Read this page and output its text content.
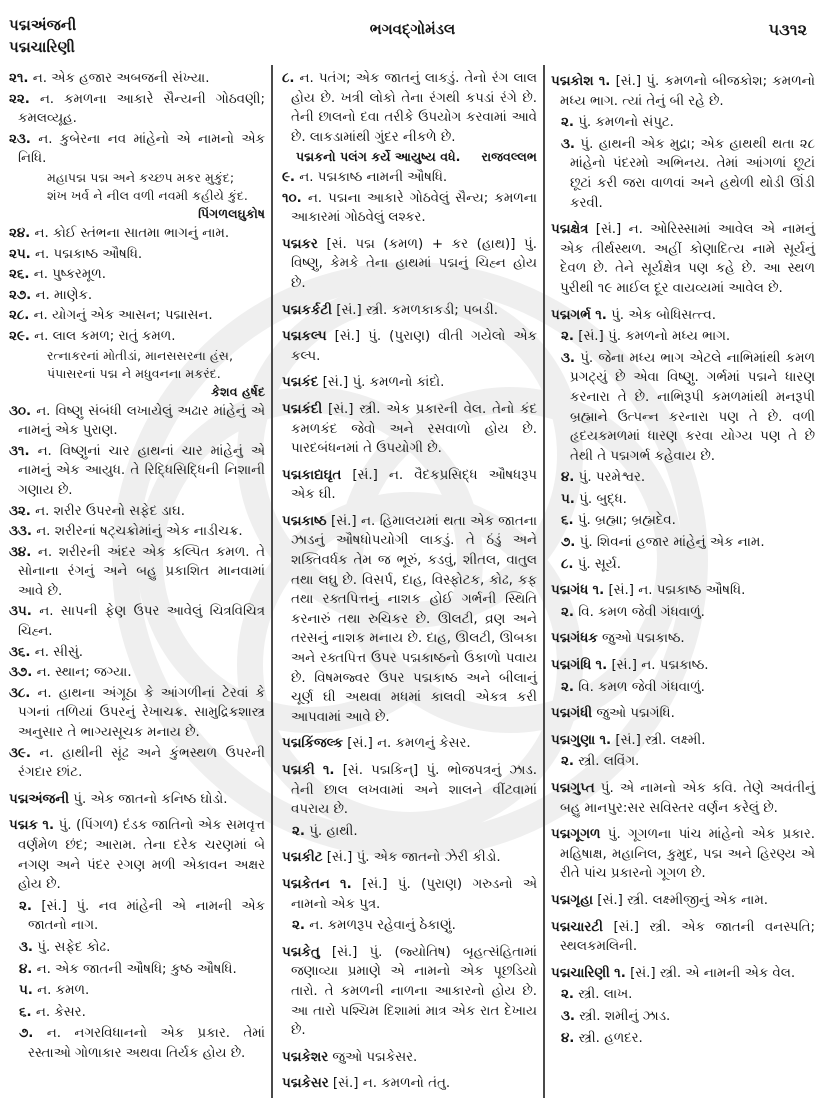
પદ્મઅંજની
પદ્મચારિણી
ભગવદ્ગોમંડલ	૫૩૧૨

૨૧. ન. એક હજાર અબજની સંખ્યા.

૨૨. ન. કમળના આકારે સૈન્યની ગોઠવણી; કમલવ્યૂહ.

૨૩. ન. કુબેરના નવ માંહેનો એ નામનો એક નિધિ.

મહાપદ્મ પદ્મ અને કચ્છપ મકર મુકુંદ;

શંખ ખર્વ ને નીલ વળી નવમી કહીયે કુંદ.

પિંગળલઘુકોષ

૨૪. ન. કોઈ સ્તંભના સાતમા ભાગનું નામ.

૨૫. ન. પદ્મકાષ્ઠ ઔષધિ.

૨૬. ન. પુષ્કરમૂળ.

૨૭. ન. માણેક.

૨૮. ન. યોગનું એક આસન; પદ્માસન.

૨૯. ન. લાલ કમળ; રાતું કમળ.

રત્નાકરનાં મોતીડાં, માનસસરના હંસ,

પંપાસરનાં પદ્મ ને મધુવનના મકરંદ.

કેશવ હર્ષદ

૩૦. ન. વિષ્ણુ સંબંધી લખાયેલું અઢાર માંહેનું એ નામનું એક પુરાણ.

૩૧. ન. વિષ્ણુનાં ચાર હાથનાં ચાર માંહેનું એ નામનું એક આયુધ. તે રિદ્ધિસિદ્ધિની નિશાની ગણાય છે.

૩૨. ન. શરીર ઉપરનો સફેદ ડાઘ.

૩૩. ન. શરીરનાં ષટ્ચક્રોમાંનું એક નાડીચક્ર.

૩૪. ન. શરીરની અંદર એક કલ્પિત કમળ. તે સોનાના રંગનું અને બહુ પ્રકાશિત માનવામાં આવે છે.

૩૫. ન. સાપની ફેણ ઉપર આવેલું ચિત્રવિચિત્ર ચિહ્ન.

૩૬. ન. સીસું.

૩૭. ન. સ્થાન; જગ્યા.

૩૮. ન. હાથના અંગૂઠા કે આંગળીનાં ટેરવાં કે પગનાં તળિયાં ઉપરનું રેખાચક્ર. સામુદ્રિકશાસ્ત્ર અનુસાર તે ભાગ્યસૂચક મનાય છે.

૩૯. ન. હાથીની સૂંઢ અને કુંભસ્થળ ઉપરની રંગદાર છાંટ.

પદ્મઅંજની પું. એક જાતનો કનિષ્ઠ ઘોડો.

પદ્મક ૧. પું. (પિંગળ) દંડક જાતિનો એક સમવૃત્ત વર્ણમેળ છંદ; આરામ. તેના દરેક ચરણમાં બે નગણ અને પંદર રગણ મળી એકાવન અક્ષર હોય છે.

૨. [સં.] પું. નવ માંહેની એ નામની એક જાતનો નાગ.

૩. પું. સફેદ કોઢ.

૪. ન. એક જાતની ઔષધિ; કુષ્ઠ ઔષધિ.

૫. ન. કમળ.

૬. ન. કેસર.

૭. ન. નગરવિધાનનો એક પ્રકાર. તેમાં રસ્તાઓ ગોળાકાર અથવા તિર્યક હોય છે.

૮. ન. પતંગ; એક જાતનું લાકડું. તેનો રંગ લાલ હોય છે. ખત્રી લોકો તેના રંગથી કપડાં રંગે છે. તેની છાલનો દવા તરીકે ઉપયોગ કરવામાં આવે છે. લાકડામાંથી ગુંદર નીકળે છે.

પદ્મકનો પલંગ કર્યે આયુષ્ય વધે. રાજવલ્લભ

૯. ન. પદ્મકાષ્ઠ નામની ઔષધિ.

૧૦. ન. પદ્મના આકારે ગોઠવેલું સૈન્ય; કમળના આકારમાં ગોઠવેલું લશ્કર.

પદ્મકર [સં. પદ્મ (કમળ) + કર (હાથ)] પું. વિષ્ણુ, કેમકે તેના હાથમાં પદ્મનું ચિહ્ન હોય છે.

પદ્મકર્કટી [સં.] સ્ત્રી. કમળકાકડી; પબડી.

પદ્મકલ્પ [સં.] પું. (પુરાણ) વીતી ગયેલો એક કલ્પ.

પદ્મકંદ [સં.] પું. કમળનો કાંદો.

પદ્મકંદી [સં.] સ્ત્રી. એક પ્રકારની વેલ. તેનો કંદ કમળકંદ જેવો અને રસવાળો હોય છે. પારદબંધનમાં તે ઉપયોગી છે.

પદ્મકાદ્યઘૃત [સં.] ન. વૈદકપ્રસિદ્ધ ઔષધરૂપ એક ઘી.

પદ્મકાષ્ઠ [સં.] ન. હિમાલયમાં થતા એક જાતના ઝાડનું ઔષધોપયોગી લાકડું. તે ઠંડું અને શક્તિવર્ધક તેમ જ ભૂરું, કડવું, શીતલ, વાતુલ તથા લઘુ છે. વિસર્પ, દાહ, વિસ્ફોટક, કોઢ, કફ તથા રક્તપિત્તનું નાશક હોઈ ગર્ભની સ્થિતિ કરનારું તથા રુચિકર છે. ઊલટી, વ્રણ અને તરસનું નાશક મનાય છે. દાહ, ઊલટી, ઊબકા અને રક્તપિત્ત ઉપર પદ્મકાષ્ઠનો ઉકાળો પવાય છે. વિષમજ્વર ઉપર પદ્મકાષ્ઠ અને બીલાનું ચૂર્ણ ઘી અથવા મધમાં કાલવી એકત્ર કરી આપવામાં આવે છે.

પદ્મકિંજલ્ક [સં.] ન. કમળનું કેસર.

પદ્મકી ૧. [સં. પદ્મકિન્] પું. ભોજપત્રનું ઝાડ. તેની છાલ લખવામાં અને શાલને વીંટવામાં વપરાય છે.

૨. પું. હાથી.

પદ્મકીટ [સં.] પું. એક જાતનો ઝેરી કીડો.

પદ્મકેતન ૧. [સં.] પું. (પુરાણ) ગરુડનો એ નામનો એક પુત્ર.

૨. ન. કમળરૂપ રહેવાનું ઠેકાણું.

પદ્મકેતુ [સં.] પું. (જ્યોતિષ) બૃહત્સંહિતામાં જણાવ્યા પ્રમાણે એ નામનો એક પૂછડિયો તારો. તે કમળની નાળના આકારનો હોય છે. આ તારો પશ્ચિમ દિશામાં માત્ર એક રાત દેખાય છે.

પદ્મકેશર જુઓ પદ્મકેસર.

પદ્મકેસર [સં.] ન. કમળનો તંતુ.

પદ્મકોશ ૧. [સં.] પું. કમળનો બીજકોશ; કમળનો મધ્ય ભાગ. ત્યાં તેનું બી રહે છે.

૨. પું. કમળનો સંપુટ.

૩. પું. હાથની એક મુદ્રા; એક હાથથી થતા ૨૮ માંહેનો પંદરમો અભિનય. તેમાં આંગળાં છૂટાં છૂટાં કરી જરા વાળવાં અને હથેળી થોડી ઊંડી કરવી.

પદ્મક્ષેત્ર [સં.] ન. ઓરિસ્સામાં આવેલ એ નામનું એક તીર્થસ્થળ. અહીં કોણાદિત્ય નામે સૂર્યનું દેવળ છે. તેને સૂર્યક્ષેત્ર પણ કહે છે. આ સ્થળ પુરીથી ૧૯ માઈલ દૂર વાયવ્યમાં આવેલ છે.

પદ્મગર્ભ ૧. પું. એક બોધિસત્ત્વ.

૨. [સં.] પું. કમળનો મધ્ય ભાગ.

૩. પું. જેના મધ્ય ભાગ એટલે નાભિમાંથી કમળ પ્રગટ્યું છે એવા વિષ્ણુ. ગર્ભમાં પદ્મને ધારણ કરનારા તે છે. નાભિરૂપી કમળમાંથી મનરૂપી બ્રહ્માને ઉત્પન્ન કરનારા પણ તે છે. વળી હૃદયકમળમાં ધારણ કરવા યોગ્ય પણ તે છે તેથી તે પદ્મગર્ભ કહેવાય છે.

૪. પું. પરમેશ્વર.

૫. પું. બુદ્ધ.

૬. પું. બ્રહ્મા; બ્રહ્મદેવ.

૭. પું. શિવનાં હજાર માંહેનું એક નામ.

૮. પું. સૂર્ય.

પદ્મગંધ ૧. [સં.] ન. પદ્મકાષ્ઠ ઔષધિ.

૨. વિ. કમળ જેવી ગંધવાળું.

પદ્મગંધક જુઓ પદ્મકાષ્ઠ.

પદ્મગંધિ ૧. [સં.] ન. પદ્મકાષ્ઠ.

૨. વિ. કમળ જેવી ગંધવાળું.

પદ્મગંધી જુઓ પદ્મગંધિ.

પદ્મગુણા ૧. [સં.] સ્ત્રી. લક્ષ્મી.

૨. સ્ત્રી. લવિંગ.

પદ્મગુપ્ત પું. એ નામનો એક કવિ. તેણે અવંતીનું બહુ માનપુર:સર સવિસ્તર વર્ણન કરેલું છે.

પદ્મગૂગળ પું. ગૂગળના પાંચ માંહેનો એક પ્રકાર. મહિષાક્ષ, મહાનિલ, કુમુદ, પદ્મ અને હિરણ્ય એ રીતે પાંચ પ્રકારનો ગૂગળ છે.

પદ્મગૃહા [સં.] સ્ત્રી. લક્ષ્મીજીનું એક નામ.

પદ્મચારટી [સં.] સ્ત્રી. એક જાતની વનસ્પતિ; સ્થલકમલિની.

પદ્મચારિણી ૧. [સં.] સ્ત્રી. એ નામની એક વેલ.

૨. સ્ત્રી. લાખ.

૩. સ્ત્રી. શમીનું ઝાડ.

૪. સ્ત્રી. હળદર.
